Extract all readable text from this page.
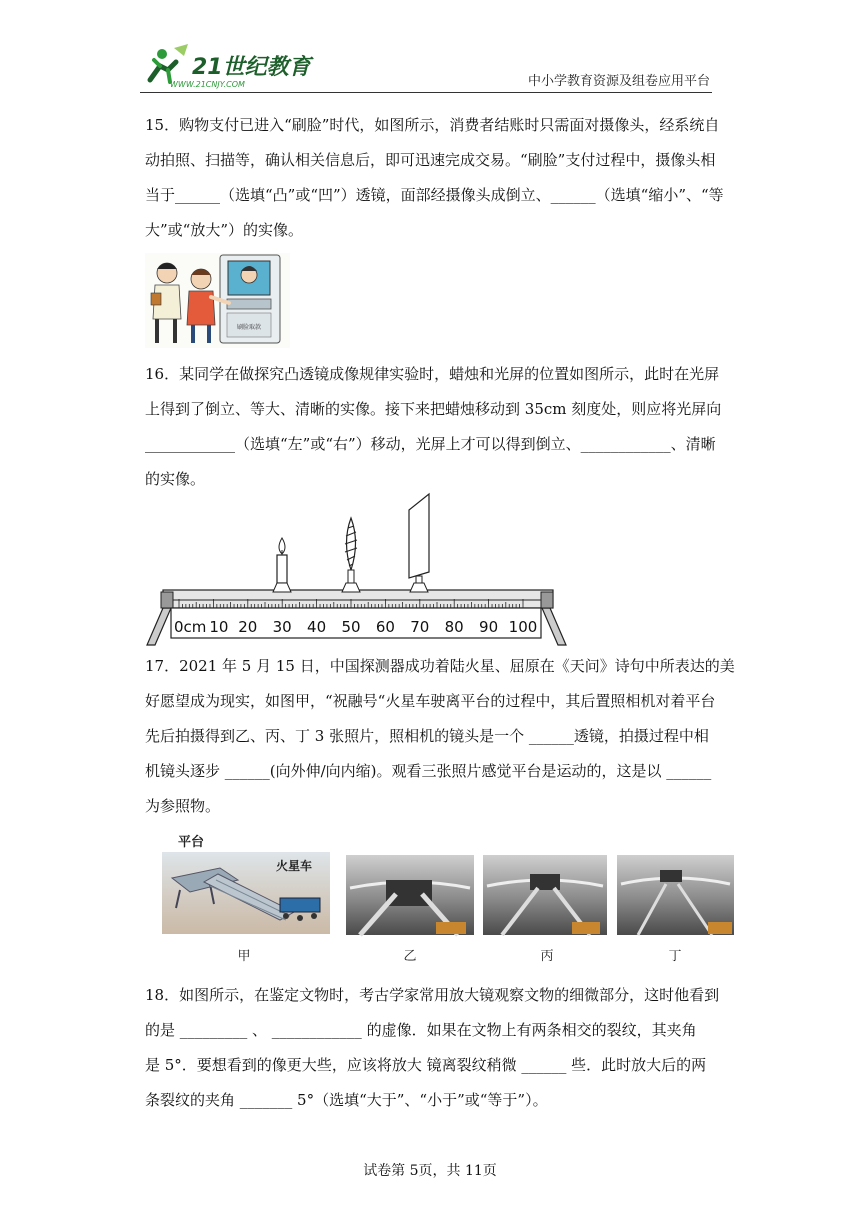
21世纪教育
WWW.21CNJY.COM	中小学教育资源及组卷应用平台
15．购物支付已进入“刷脸”时代，如图所示，消费者结账时只需面对摄像头，经系统自
动拍照、扫描等，确认相关信息后，即可迅速完成交易。“刷脸”支付过程中，摄像头相
当于______（选填“凸”或“凹”）透镜，面部经摄像头成倒立、______（选填“缩小”、“等
大”或“放大”）的实像。
刷脸取款
16．某同学在做探究凸透镜成像规律实验时，蜡烛和光屏的位置如图所示，此时在光屏
上得到了倒立、等大、清晰的实像。接下来把蜡烛移动到 35cm 刻度处，则应将光屏向
____________（选填“左”或“右”）移动，光屏上才可以得到倒立、____________、清晰
的实像。
0cm 10 20 30 40 50 60 70 80 90 100
17．2021 年 5 月 15 日，中国探测器成功着陆火星、屈原在《天问》诗句中所表达的美
好愿望成为现实，如图甲，“祝融号“火星车驶离平台的过程中，其后置照相机对着平台
先后拍摄得到乙、丙、丁 3 张照片，照相机的镜头是一个 ______透镜，拍摄过程中相
机镜头逐步 ______(向外伸/向内缩)。观看三张照片感觉平台是运动的，这是以 ______
为参照物。
平台
火星车
甲	乙	丙	丁
18．如图所示，在鉴定文物时，考古学家常用放大镜观察文物的细微部分，这时他看到
的是 _________ 、 ____________ 的虚像．如果在文物上有两条相交的裂纹，其夹角
是 5°．要想看到的像更大些，应该将放大 镜离裂纹稍微 ______ 些．此时放大后的两
条裂纹的夹角 _______ 5°（选填“大于”、“小于”或“等于”）。
试卷第 5页，共 11页
